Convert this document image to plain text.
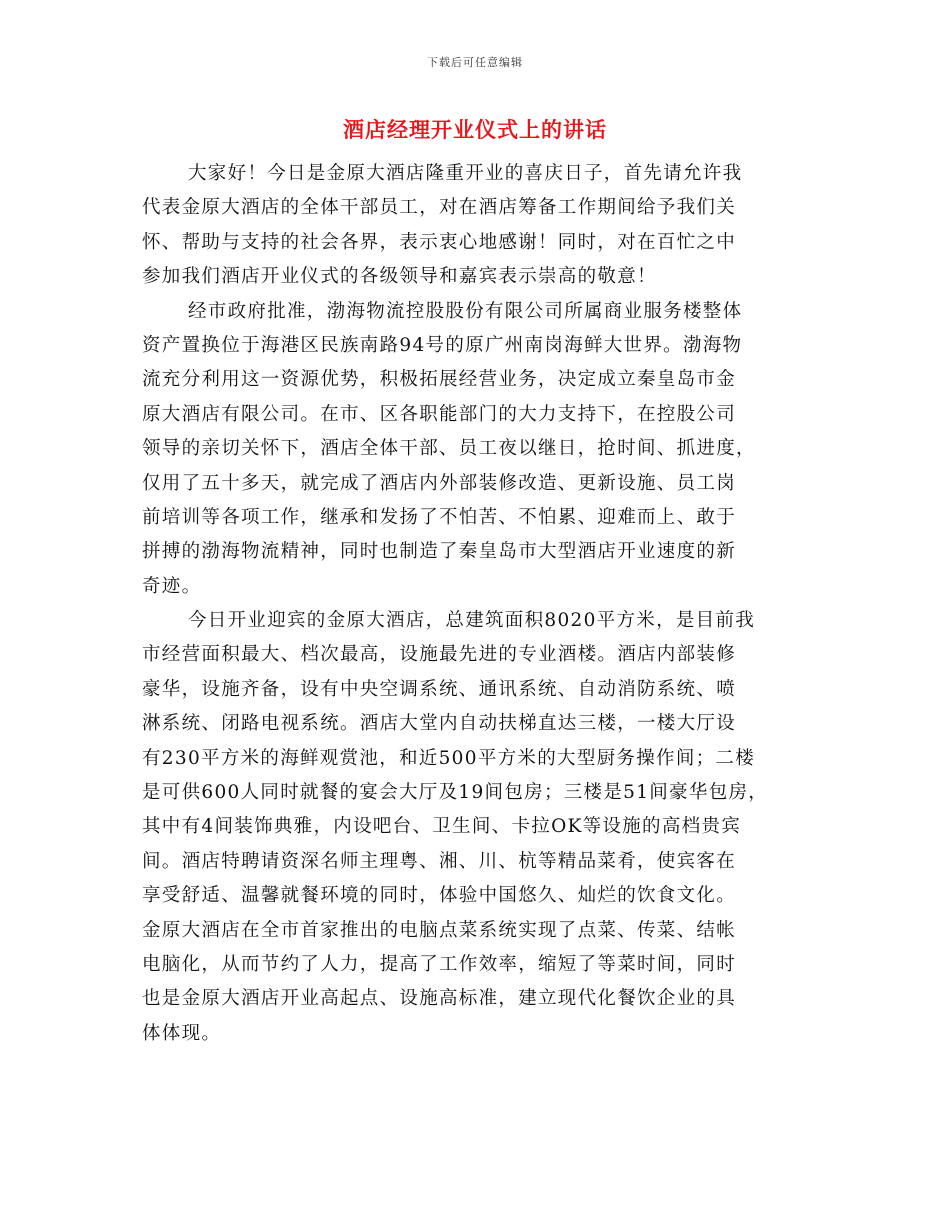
下载后可任意编辑
酒店经理开业仪式上的讲话
大家好！今日是金原大酒店隆重开业的喜庆日子，首先请允许我
代表金原大酒店的全体干部员工，对在酒店筹备工作期间给予我们关
怀、帮助与支持的社会各界，表示衷心地感谢！同时，对在百忙之中
参加我们酒店开业仪式的各级领导和嘉宾表示崇高的敬意！
经市政府批准，渤海物流控股股份有限公司所属商业服务楼整体
资产置换位于海港区民族南路94号的原广州南岗海鲜大世界。渤海物
流充分利用这一资源优势，积极拓展经营业务，决定成立秦皇岛市金
原大酒店有限公司。在市、区各职能部门的大力支持下，在控股公司
领导的亲切关怀下，酒店全体干部、员工夜以继日，抢时间、抓进度，
仅用了五十多天，就完成了酒店内外部装修改造、更新设施、员工岗
前培训等各项工作，继承和发扬了不怕苦、不怕累、迎难而上、敢于
拼搏的渤海物流精神，同时也制造了秦皇岛市大型酒店开业速度的新
奇迹。
今日开业迎宾的金原大酒店，总建筑面积8020平方米，是目前我
市经营面积最大、档次最高，设施最先进的专业酒楼。酒店内部装修
豪华，设施齐备，设有中央空调系统、通讯系统、自动消防系统、喷
淋系统、闭路电视系统。酒店大堂内自动扶梯直达三楼，一楼大厅设
有230平方米的海鲜观赏池，和近500平方米的大型厨务操作间；二楼
是可供600人同时就餐的宴会大厅及19间包房；三楼是51间豪华包房，
其中有4间装饰典雅，内设吧台、卫生间、卡拉OK等设施的高档贵宾
间。酒店特聘请资深名师主理粤、湘、川、杭等精品菜肴，使宾客在
享受舒适、温馨就餐环境的同时，体验中国悠久、灿烂的饮食文化。
金原大酒店在全市首家推出的电脑点菜系统实现了点菜、传菜、结帐
电脑化，从而节约了人力，提高了工作效率，缩短了等菜时间，同时
也是金原大酒店开业高起点、设施高标准，建立现代化餐饮企业的具
体体现。
